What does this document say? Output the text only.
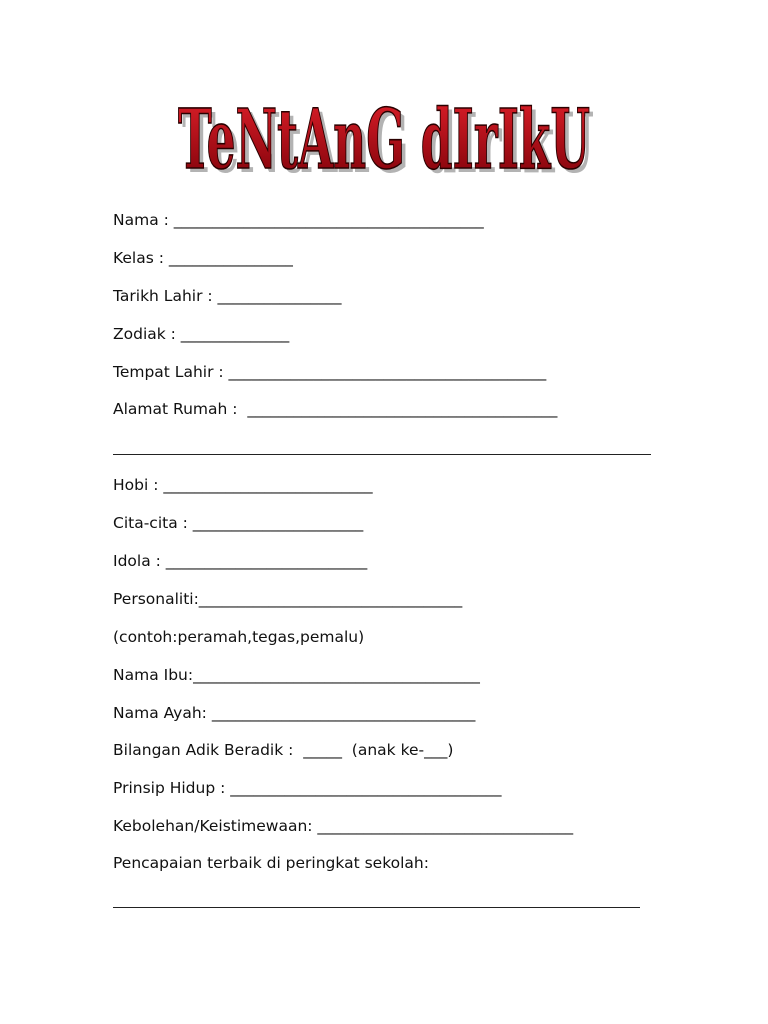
TeNtAnG dIrIkU
TeNtAnG dIrIkU
Nama : ________________________________________
Kelas : ________________
Tarikh Lahir : ________________
Zodiak : ______________
Tempat Lahir : _________________________________________
Alamat Rumah :  ________________________________________
Hobi : ___________________________
Cita-cita : ______________________
Idola : __________________________
Personaliti:__________________________________
(contoh:peramah,tegas,pemalu)
Nama Ibu:_____________________________________
Nama Ayah: __________________________________
Bilangan Adik Beradik :  _____  (anak ke-___)
Prinsip Hidup : ___________________________________
Kebolehan/Keistimewaan: _________________________________
Pencapaian terbaik di peringkat sekolah:
